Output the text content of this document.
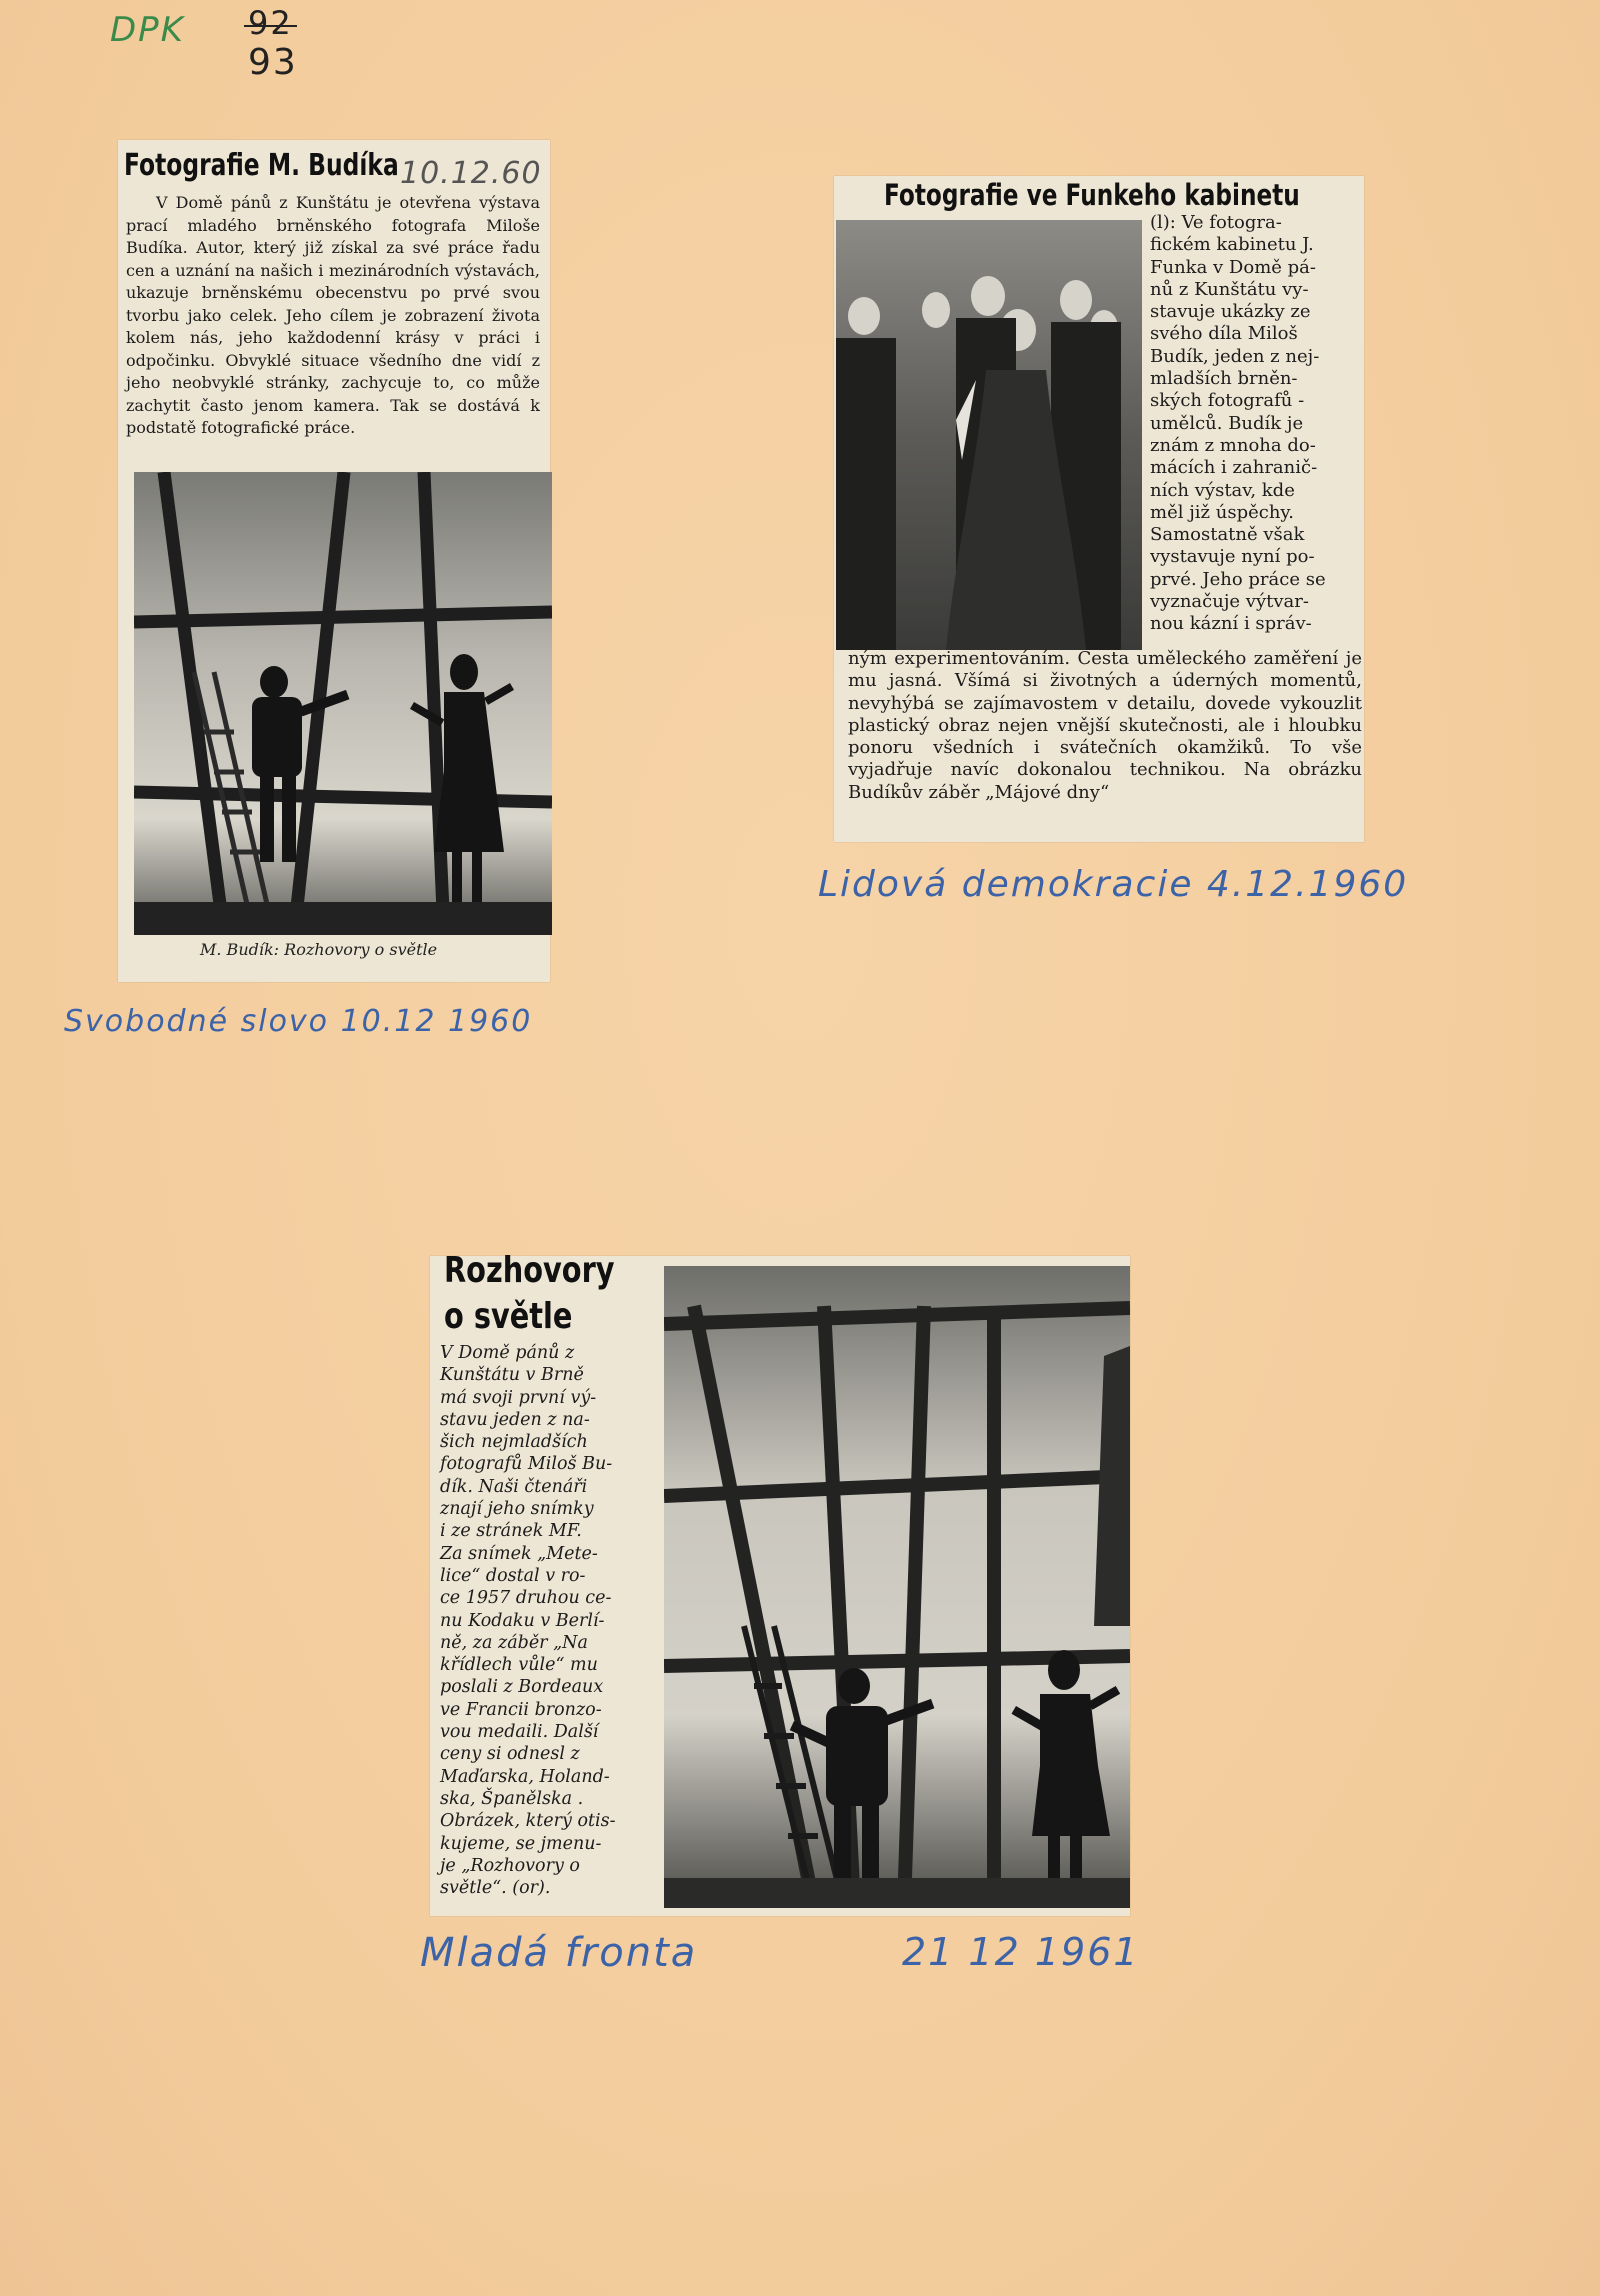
DPK 92
93
Fotografie M. Budíka 10.12.60
V Domě pánů z Kunštátu je otevřena výstava prací mladého brněnského fotografa Miloše Budíka. Autor, který již získal za své práce řadu cen a uznání na našich i mezinárodních výstavách, ukazuje brněnskému obecenstvu po prvé svou tvorbu jako celek. Jeho cílem je zobrazení života kolem nás, jeho každodenní krásy v práci i odpočinku. Obvyklé situace všedního dne vidí z jeho neobvyklé stránky, zachycuje to, co může zachytit často jenom kamera. Tak se dostává k podstatě fotografické práce.
M. Budík: Rozhovory o světle
Svobodné slovo 10.12 1960
Fotografie ve Funkeho kabinetu
(l): Ve fotogra-
fickém kabinetu J.
Funka v Domě pá-
nů z Kunštátu vy-
stavuje ukázky ze
svého díla Miloš
Budík, jeden z nej-
mladších brněn-
ských fotografů -
umělců. Budík je
znám z mnoha do-
mácích i zahranič-
ních výstav, kde
měl již úspěchy.
Samostatně však
vystavuje nyní po-
prvé. Jeho práce se
vyznačuje výtvar-
nou kázní i správ-
ným experimentováním. Cesta uměleckého zaměření je mu jasná. Všímá si životných a úderných momentů, nevyhýbá se zajímavostem v detailu, dovede vykouzlit plastický obraz nejen vnější skutečnosti, ale i hloubku ponoru všedních i svátečních okamžiků. To vše vyjadřuje navíc dokonalou technikou. Na obrázku Budíkův záběr „Májové dny“
Lidová demokracie 4.12.1960
Rozhovory
o světle
V Domě pánů z
Kunštátu v Brně
má svoji první vý-
stavu jeden z na-
šich nejmladších
fotografů Miloš Bu-
dík. Naši čtenáři
znají jeho snímky
i ze stránek MF.
Za snímek „Mete-
lice“ dostal v ro-
ce 1957 druhou ce-
nu Kodaku v Berlí-
ně, za záběr „Na
křídlech vůle“ mu
poslali z Bordeaux
ve Francii bronzo-
vou medaili. Další
ceny si odnesl z
Maďarska, Holand-
ska, Španělska .
Obrázek, který otis-
kujeme, se jmenu-
je „Rozhovory o
světle“. (or).
Mladá fronta	21 12 1961
